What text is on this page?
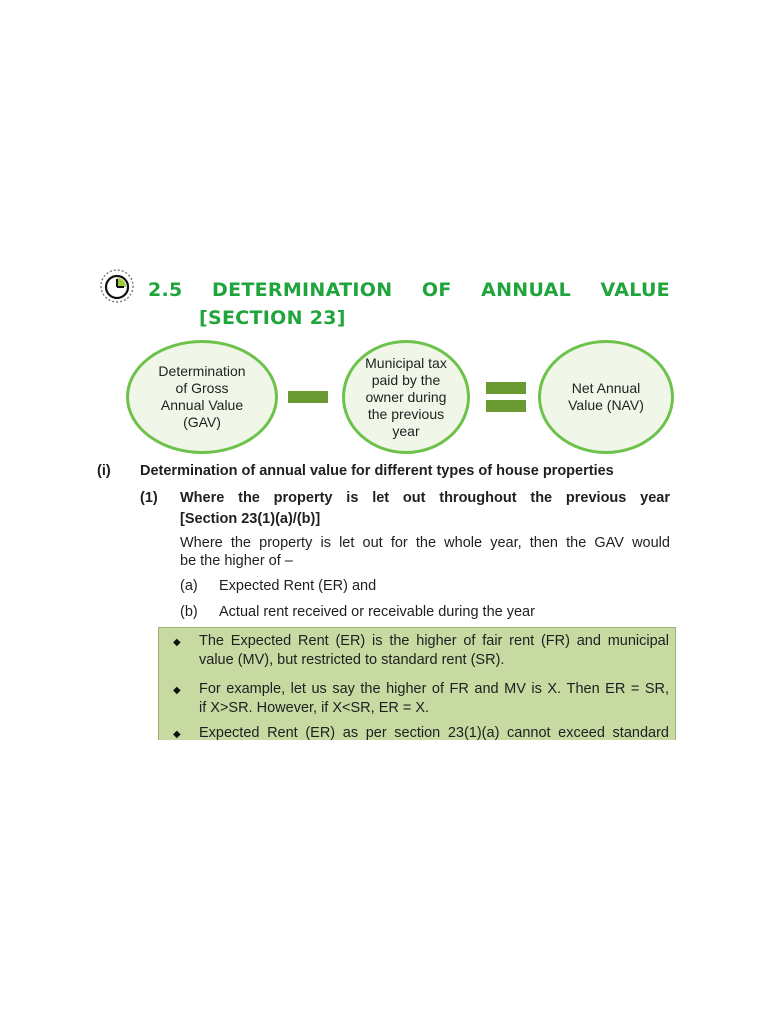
2.5 DETERMINATION OF ANNUAL VALUE
[SECTION 23]
Determination
of Gross
Annual Value
(GAV)
Municipal tax
paid by the
owner during
the previous
year
Net Annual
Value (NAV)
(i) Determination of annual value for different types of house properties
(1) Where the property is let out throughout the previous year
[Section 23(1)(a)/(b)]
Where the property is let out for the whole year, then the GAV would
be the higher of –
(a) Expected Rent (ER) and
(b) Actual rent received or receivable during the year
◆ The Expected Rent (ER) is the higher of fair rent (FR) and municipal
value (MV), but restricted to standard rent (SR).
◆ For example, let us say the higher of FR and MV is X. Then ER = SR,
if X>SR. However, if X<SR, ER = X.
◆ Expected Rent (ER) as per section 23(1)(a) cannot exceed standard
